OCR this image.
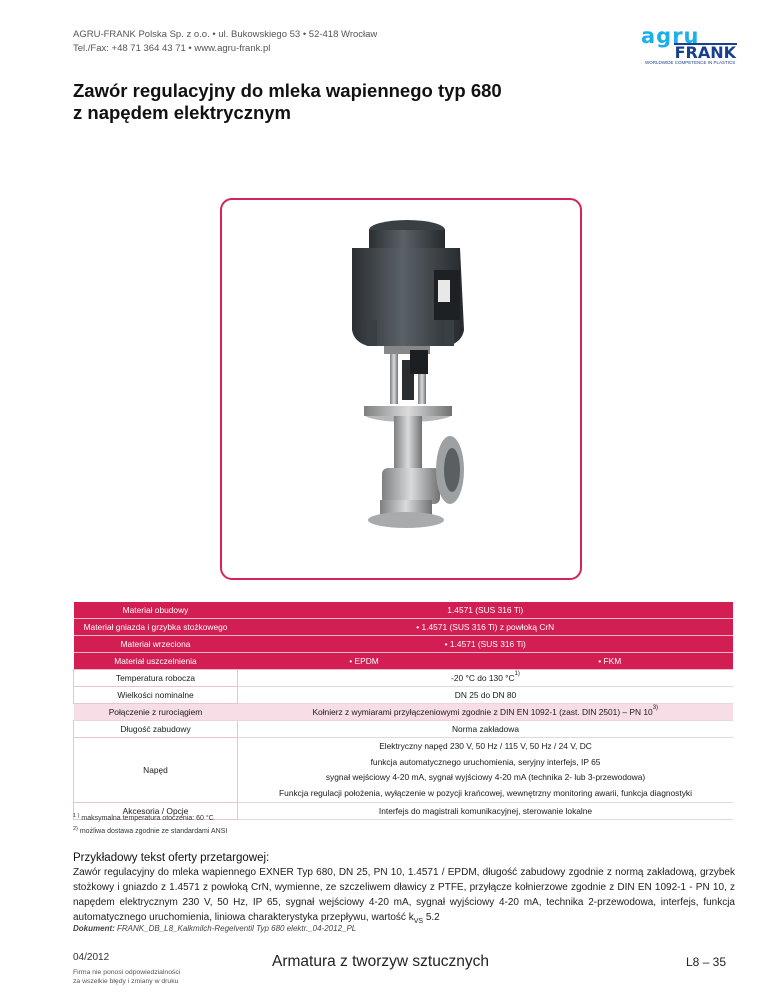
AGRU-FRANK Polska Sp. z o.o. • ul. Bukowskiego 53 • 52-418 Wrocław
Tel./Fax: +48 71 364 43 71 • www.agru-frank.pl
agru
FRANK
WORLDWIDE COMPETENCE IN PLASTICS
Zawór regulacyjny do mleka wapiennego typ 680
z napędem elektrycznym
Materiał obudowy	1.4571 (SUS 316 Ti)
Materiał gniazda i grzybka stożkowego	• 1.4571 (SUS 316 Ti) z powłoką CrN
Materiał wrzeciona	• 1.4571 (SUS 316 Ti)
Materiał uszczelnienia	• EPDM • FKM

Temperatura robocza	-20 °C do 130 $^\circ C^{1)}$
Wielkości nominalne	DN 25 do DN 80
Połączenie z rurociągiem	Kołnierz z wymiarami przyłączeniowymi zgodnie z DIN EN 1092-1 (zast. DIN 2501) – PN 10$^{3)}$
Długość zabudowy	Norma zakładowa
Napęd	Elektryczny napęd 230 V, 50 Hz / 115 V, 50 Hz / 24 V, DC
funkcja automatycznego uruchomienia, seryjny interfejs, IP 65
sygnał wejściowy 4-20 mA, sygnał wyjściowy 4-20 mA (technika 2- lub 3-przewodowa)
Funkcja regulacji położenia, wyłączenie w pozycji krańcowej, wewnętrzny monitoring awarii, funkcja diagnostyki

Akcesoria / Opcje	Interfejs do magistrali komunikacyjnej, sterowanie lokalne
$^{1 )}$ maksymalna temperatura otoczenia: 60 °C
$^{2)}$ możliwa dostawa zgodnie ze standardami ANSI
Przykładowy tekst oferty przetargowej:
Zawór regulacyjny do mleka wapiennego EXNER Typ 680, DN 25, PN 10, 1.4571 / EPDM, długość zabudowy zgodnie z normą zakładową, grzybek stożkowy i gniazdo z 1.4571 z powłoką CrN, wymienne, ze szczeliwem dławicy z PTFE, przyłącze kołnierzowe zgodnie z DIN EN 1092-1 - PN 10, z napędem elektrycznym 230 V, 50 Hz, IP 65, sygnał wejściowy 4-20 mA, sygnał wyjściowy 4-20 mA, technika 2-przewodowa, interfejs, funkcja automatycznego uruchomienia, liniowa charakterystyka przepływu, wartość $k_{VS}$ 5.2
Dokument: FRANK_DB_L8_Kalkmilch-Regelventil Typ 680 elektr._04-2012_PL
04/2012
Firma nie ponosi odpowiedzialności
za wszelkie błędy i zmiany w druku
Armatura z tworzyw sztucznych	L8 – 35
